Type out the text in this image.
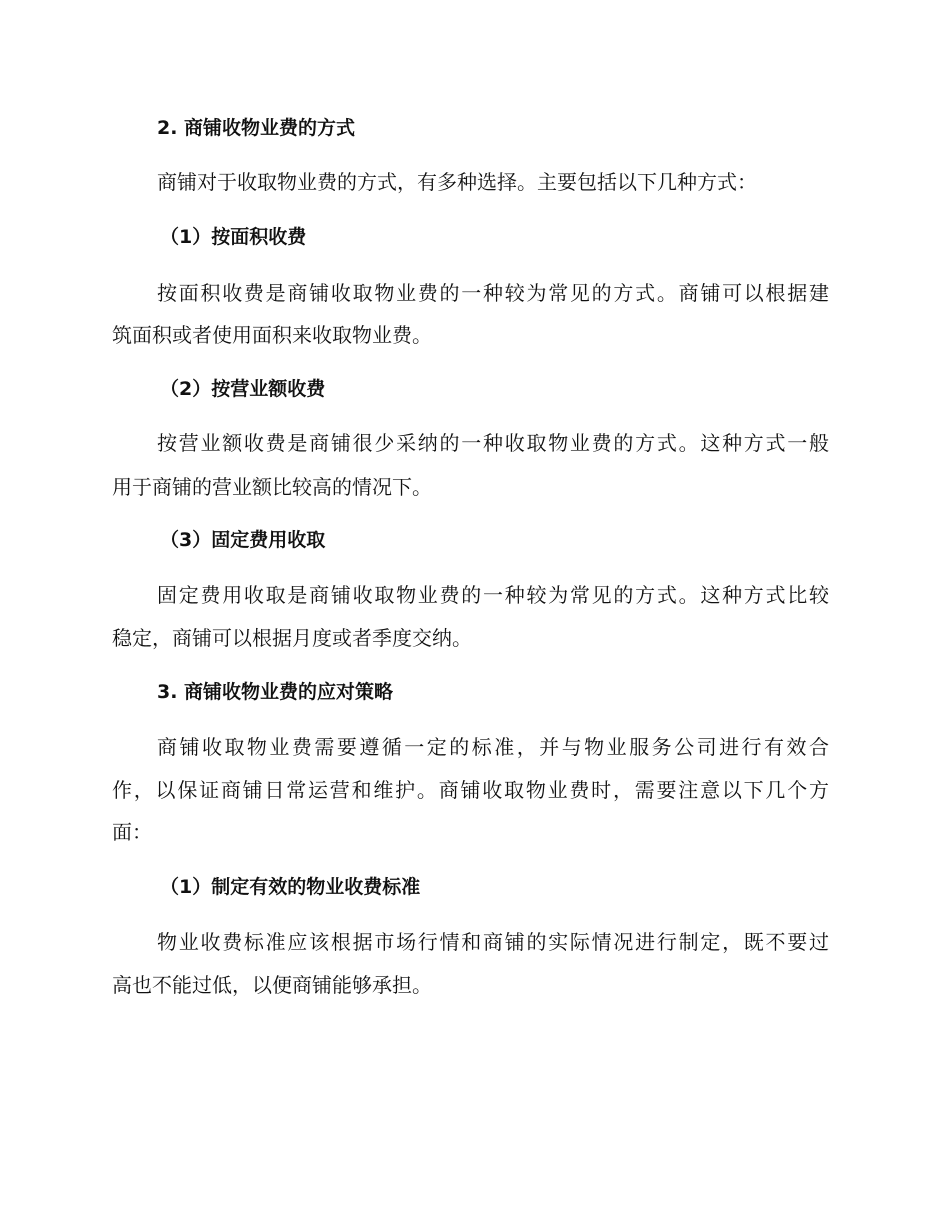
2. 商铺收物业费的方式
商铺对于收取物业费的方式，有多种选择。主要包括以下几种方式：
（1）按面积收费
按面积收费是商铺收取物业费的一种较为常见的方式。商铺可以根据建
筑面积或者使用面积来收取物业费。
（2）按营业额收费
按营业额收费是商铺很少采纳的一种收取物业费的方式。这种方式一般
用于商铺的营业额比较高的情况下。
（3）固定费用收取
固定费用收取是商铺收取物业费的一种较为常见的方式。这种方式比较
稳定，商铺可以根据月度或者季度交纳。
3. 商铺收物业费的应对策略
商铺收取物业费需要遵循一定的标准，并与物业服务公司进行有效合
作，以保证商铺日常运营和维护。商铺收取物业费时，需要注意以下几个方
面：
（1）制定有效的物业收费标准
物业收费标准应该根据市场行情和商铺的实际情况进行制定，既不要过
高也不能过低，以便商铺能够承担。
